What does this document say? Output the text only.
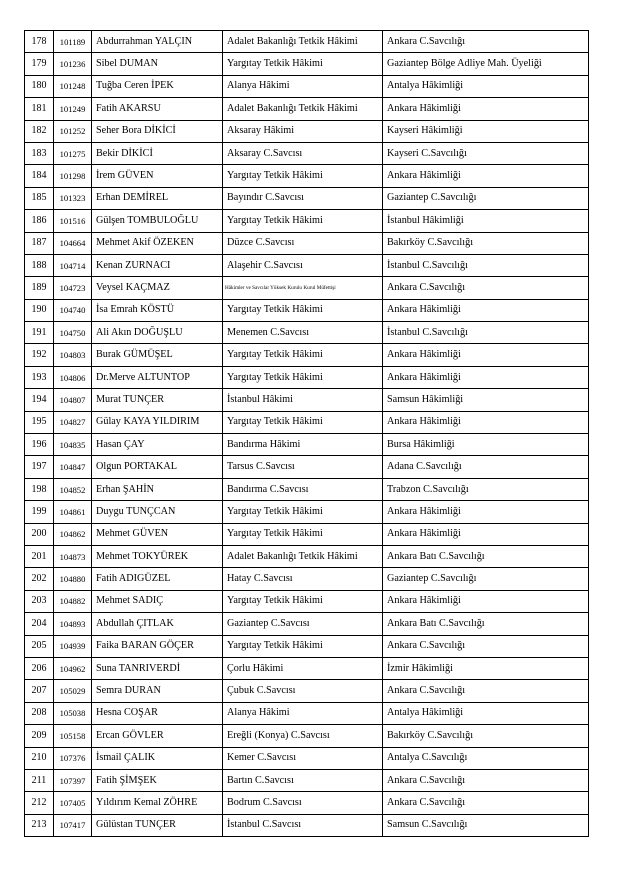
178	101189	Abdurrahman YALÇIN	Adalet Bakanlığı Tetkik Hâkimi	Ankara C.Savcılığı
179	101236	Sibel DUMAN	Yargıtay Tetkik Hâkimi	Gaziantep Bölge Adliye Mah. Üyeliği
180	101248	Tuğba Ceren İPEK	Alanya Hâkimi	Antalya Hâkimliği
181	101249	Fatih AKARSU	Adalet Bakanlığı Tetkik Hâkimi	Ankara Hâkimliği
182	101252	Seher Bora DİKİCİ	Aksaray Hâkimi	Kayseri Hâkimliği
183	101275	Bekir DİKİCİ	Aksaray C.Savcısı	Kayseri C.Savcılığı
184	101298	İrem GÜVEN	Yargıtay Tetkik Hâkimi	Ankara Hâkimliği
185	101323	Erhan DEMİREL	Bayındır C.Savcısı	Gaziantep C.Savcılığı
186	101516	Gülşen TOMBULOĞLU	Yargıtay Tetkik Hâkimi	İstanbul Hâkimliği
187	104664	Mehmet Akif ÖZEKEN	Düzce C.Savcısı	Bakırköy C.Savcılığı
188	104714	Kenan ZURNACI	Alaşehir C.Savcısı	İstanbul C.Savcılığı
189	104723	Veysel KAÇMAZ	Hâkimler ve Savcılar Yüksek Kurulu Kurul Müfettişi	Ankara C.Savcılığı
190	104740	İsa Emrah KÖSTÜ	Yargıtay Tetkik Hâkimi	Ankara Hâkimliği
191	104750	Ali Akın DOĞUŞLU	Menemen C.Savcısı	İstanbul C.Savcılığı
192	104803	Burak GÜMÜŞEL	Yargıtay Tetkik Hâkimi	Ankara Hâkimliği
193	104806	Dr.Merve ALTUNTOP	Yargıtay Tetkik Hâkimi	Ankara Hâkimliği
194	104807	Murat TUNÇER	İstanbul Hâkimi	Samsun Hâkimliği
195	104827	Gülay KAYA YILDIRIM	Yargıtay Tetkik Hâkimi	Ankara Hâkimliği
196	104835	Hasan ÇAY	Bandırma Hâkimi	Bursa Hâkimliği
197	104847	Olgun PORTAKAL	Tarsus C.Savcısı	Adana C.Savcılığı
198	104852	Erhan ŞAHİN	Bandırma C.Savcısı	Trabzon C.Savcılığı
199	104861	Duygu TUNÇCAN	Yargıtay Tetkik Hâkimi	Ankara Hâkimliği
200	104862	Mehmet GÜVEN	Yargıtay Tetkik Hâkimi	Ankara Hâkimliği
201	104873	Mehmet TOKYÜREK	Adalet Bakanlığı Tetkik Hâkimi	Ankara Batı C.Savcılığı
202	104880	Fatih ADIGÜZEL	Hatay C.Savcısı	Gaziantep C.Savcılığı
203	104882	Mehmet SADIÇ	Yargıtay Tetkik Hâkimi	Ankara Hâkimliği
204	104893	Abdullah ÇITLAK	Gaziantep C.Savcısı	Ankara Batı C.Savcılığı
205	104939	Faika BARAN GÖÇER	Yargıtay Tetkik Hâkimi	Ankara C.Savcılığı
206	104962	Suna TANRIVERDİ	Çorlu Hâkimi	İzmir Hâkimliği
207	105029	Semra DURAN	Çubuk C.Savcısı	Ankara C.Savcılığı
208	105038	Hesna COŞAR	Alanya Hâkimi	Antalya Hâkimliği
209	105158	Ercan GÖVLER	Ereğli (Konya) C.Savcısı	Bakırköy C.Savcılığı
210	107376	İsmail ÇALIK	Kemer C.Savcısı	Antalya C.Savcılığı
211	107397	Fatih ŞİMŞEK	Bartın C.Savcısı	Ankara C.Savcılığı
212	107405	Yıldırım Kemal ZÖHRE	Bodrum C.Savcısı	Ankara C.Savcılığı
213	107417	Gülüstan TUNÇER	İstanbul C.Savcısı	Samsun C.Savcılığı
